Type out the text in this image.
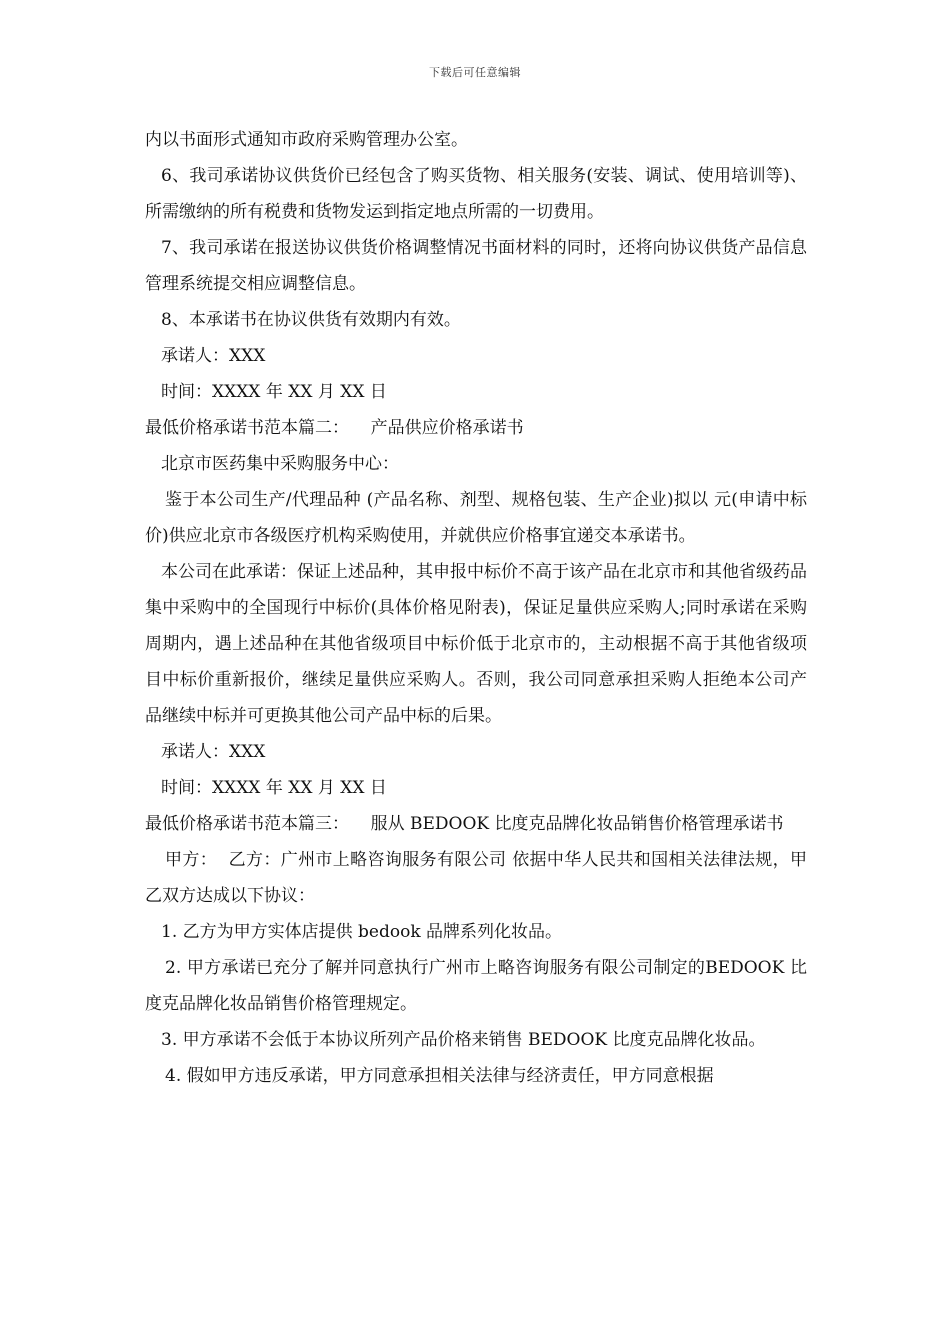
下载后可任意编辑

内以书面形式通知市政府采购管理办公室。

6、我司承诺协议供货价已经包含了购买货物、相关服务(安装、调试、使用培训等)、所需缴纳的所有税费和货物发运到指定地点所需的一切费用。

7、我司承诺在报送协议供货价格调整情况书面材料的同时，还将向协议供货产品信息管理系统提交相应调整信息。

8、本承诺书在协议供货有效期内有效。

承诺人：XXX

时间：XXXX 年 XX 月 XX 日

最低价格承诺书范本篇二：    产品供应价格承诺书

北京市医药集中采购服务中心：

鉴于本公司生产/代理品种 (产品名称、剂型、规格包装、生产企业)拟以 元(申请中标价)供应北京市各级医疗机构采购使用，并就供应价格事宜递交本承诺书。

本公司在此承诺：保证上述品种，其申报中标价不高于该产品在北京市和其他省级药品集中采购中的全国现行中标价(具体价格见附表)，保证足量供应采购人;同时承诺在采购周期内，遇上述品种在其他省级项目中标价低于北京市的，主动根据不高于其他省级项目中标价重新报价，继续足量供应采购人。否则，我公司同意承担采购人拒绝本公司产品继续中标并可更换其他公司产品中标的后果。

承诺人：XXX

时间：XXXX 年 XX 月 XX 日

最低价格承诺书范本篇三：    服从 BEDOOK 比度克品牌化妆品销售价格管理承诺书

甲方：  乙方：广州市上略咨询服务有限公司 依据中华人民共和国相关法律法规，甲乙双方达成以下协议：

1. 乙方为甲方实体店提供 bedook 品牌系列化妆品。

2. 甲方承诺已充分了解并同意执行广州市上略咨询服务有限公司制定的BEDOOK 比度克品牌化妆品销售价格管理规定。

3. 甲方承诺不会低于本协议所列产品价格来销售 BEDOOK 比度克品牌化妆品。

4. 假如甲方违反承诺，甲方同意承担相关法律与经济责任，甲方同意根据
